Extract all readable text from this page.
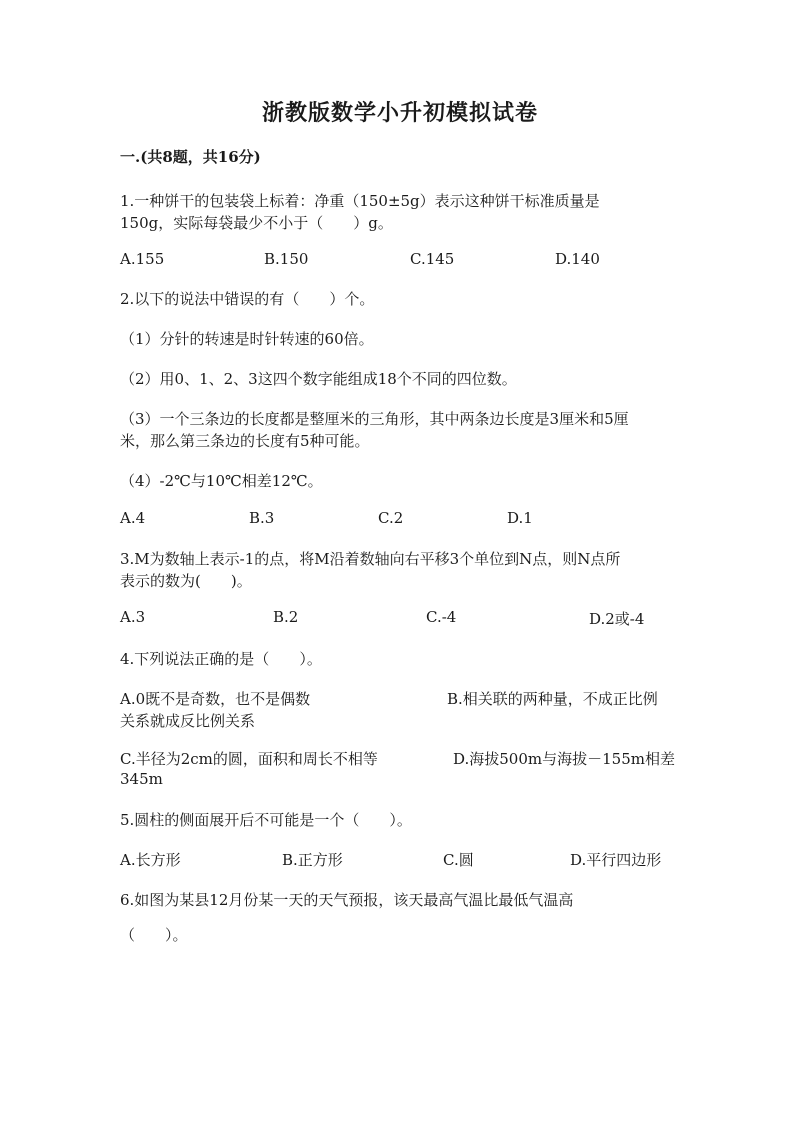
浙教版数学小升初模拟试卷
一.(共8题，共16分)
1.一种饼干的包装袋上标着：净重（150±5g）表示这种饼干标准质量是
150g，实际每袋最少不小于（　　）g。
A.155	B.150	C.145	D.140
2.以下的说法中错误的有（　　）个。
（1）分针的转速是时针转速的60倍。
（2）用0、1、2、3这四个数字能组成18个不同的四位数。
（3）一个三条边的长度都是整厘米的三角形，其中两条边长度是3厘米和5厘
米，那么第三条边的长度有5种可能。
（4）-2℃与10℃相差12℃。
A.4	B.3	C.2	D.1
3.M为数轴上表示-1的点，将M沿着数轴向右平移3个单位到N点，则N点所
表示的数为(　　)。
A.3	B.2	C.-4	D.2或-4
4.下列说法正确的是（　　）。
A.0既不是奇数，也不是偶数	B.相关联的两种量，不成正比例
关系就成反比例关系
C.半径为2cm的圆，面积和周长不相等	D.海拔500m与海拔－155m相差
345m
5.圆柱的侧面展开后不可能是一个（　　）。
A.长方形	B.正方形	C.圆	D.平行四边形
6.如图为某县12月份某一天的天气预报，该天最高气温比最低气温高
（　　）。
